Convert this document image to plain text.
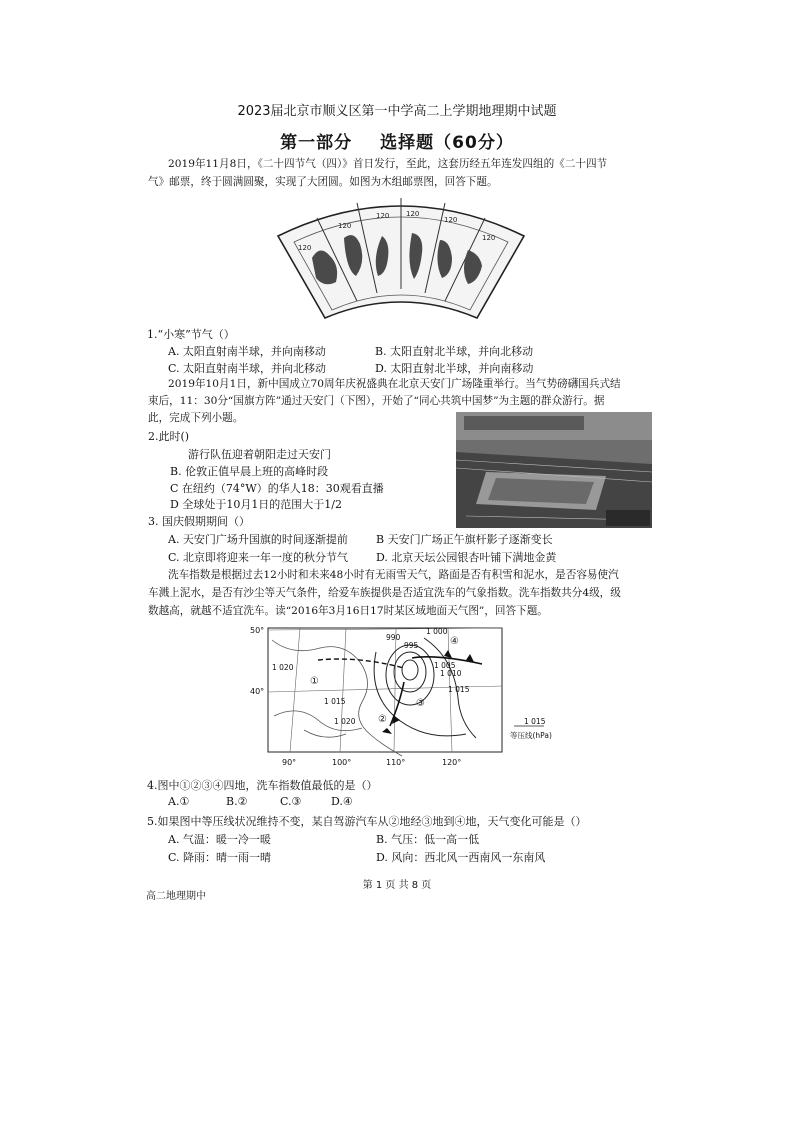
2023届北京市顺义区第一中学高二上学期地理期中试题
第一部分 选择题（60分）
2019年11月8日，《二十四节气（四）》首日发行，至此，这套历经五年连发四组的《二十四节
气》邮票，终于圆满圆聚，实现了大团圆。如图为木组邮票图，回答下题。
120
120
120 120
120
120
1.“小寒”节气（）
A. 太阳直射南半球，并向南移动	B. 太阳直射北半球，并向北移动
C. 太阳直射南半球，并向北移动	D. 太阳直射北半球，并向南移动
2019年10月1日，新中国成立70周年庆祝盛典在北京天安门广场隆重举行。当气势磅礴国兵式结
束后，11：30分“国旗方阵”通过天安门（下图），开始了“同心共筑中国梦”为主题的群众游行。据
此，完成下列小题。
2.此时()
游行队伍迎着朝阳走过天安门
B. 伦敦正值早晨上班的高峰时段
C 在纽约（74°W）的华人18：30观看直播
D 全球处于10月1日的范围大于1/2
3. 国庆假期期间（）
A. 天安门广场升国旗的时间逐渐提前	B 天安门广场正午旗杆影子逐渐变长
C. 北京即将迎来一年一度的秋分节气	D. 北京天坛公园银杏叶铺下满地金黄
洗车指数是根据过去12小时和未来48小时有无雨雪天气，路面是否有积雪和泥水，是否容易使汽
车溅上泥水，是否有沙尘等天气条件，给爱车族提供是否适宜洗车的气象指数。洗车指数共分4级，级
数越高，就越不适宜洗车。读“2016年3月16日17时某区域地面天气图”，回答下题。
50°
40°
90°	100°	110°	120°
990
995
1 000
1 005
1 010
1 015
1 020
1 015
1 020
①
②
③
④
1 015
等压线(hPa)
4.图中①②③④四地，洗车指数值最低的是（）
A.①	B.②	C.③	D.④
5.如果图中等压线状况维持不变，某自驾游汽车从②地经③地到④地，天气变化可能是（）
A. 气温：暖一冷一暖	B. 气压：低一高一低
C. 降雨：晴一雨一晴	D. 风向：西北风一西南风一东南风
第 1 页 共 8 页
高二地理期中
